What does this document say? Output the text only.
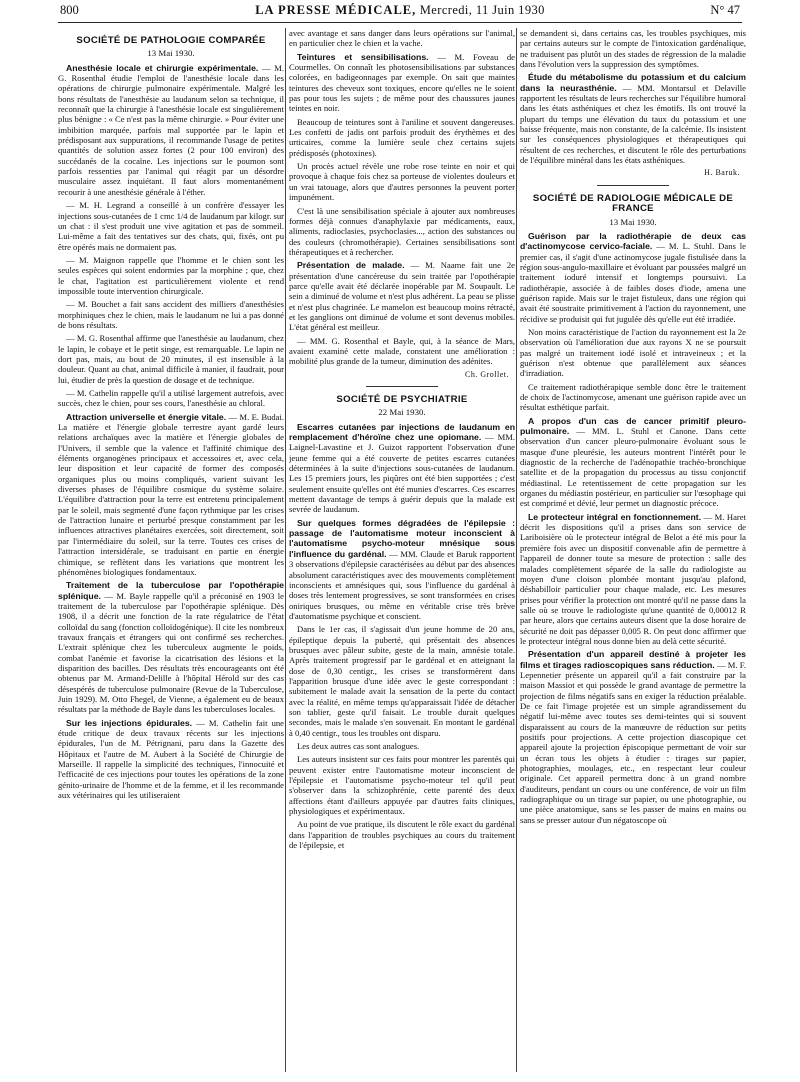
800	LA PRESSE MÉDICALE, Mercredi, 11 Juin 1930	N° 47
SOCIÉTÉ DE PATHOLOGIE COMPARÉE
13 Mai 1930.

Anesthésie locale et chirurgie expérimentale. — M. G. Rosenthal étudie l'emploi de l'anesthésie locale dans les opérations de chirurgie pulmonaire expérimentale. Malgré les bons résultats de l'anesthésie au laudanum selon sa technique, il reconnaît que la chirurgie à l'anesthésie locale est singulièrement plus bénigne : « Ce n'est pas la même chirurgie. » Pour éviter une imbibition marquée, parfois mal supportée par le lapin et prédisposant aux suppurations, il recommande l'usage de petites quantités de solution assez fortes (2 pour 100 environ) des succédanés de la cocaïne. Les injections sur le poumon sont parfois ressenties par l'animal qui réagit par un désordre musculaire assez inquiétant. Il faut alors momentanément recourir à une anesthésie générale à l'éther.

— M. H. Legrand a conseillé à un confrère d'essayer les injections sous-cutanées de 1 cmc 1/4 de laudanum par kilogr. sur un chat : il s'est produit une vive agitation et pas de sommeil. Lui-même a fait des tentatives sur des chats, qui, fixés, ont pu être opérés mais ne dormaient pas.

— M. Maignon rappelle que l'homme et le chien sont les seules espèces qui soient endormies par la morphine ; que, chez le chat, l'agitation est particulièrement violente et rend impossible toute intervention chirurgicale.

— M. Bouchet a fait sans accident des milliers d'anesthésies morphiniques chez le chien, mais le laudanum ne lui a pas donné de bons résultats.

— M. G. Rosenthal affirme que l'anesthésie au laudanum, chez le lapin, le cobaye et le petit singe, est remarquable. Le lapin ne dort pas, mais, au bout de 20 minutes, il est insensible à la douleur. Quant au chat, animal difficile à manier, il faudrait, pour lui, étudier de près la question de dosage et de technique.

— M. Cathelin rappelle qu'il a utilisé largement autrefois, avec succès, chez le chien, pour ses cours, l'anesthésie au chloral.

Attraction universelle et énergie vitale. — M. E. Budai. La matière et l'énergie globale terrestre ayant gardé leurs relations archaïques avec la matière et l'énergie globales de l'Univers, il semble que la valence et l'affinité chimique des éléments organogènes principaux et accessoires et, avec cela, leur disposition et leur capacité de former des composés organiques plus ou moins compliqués, varient suivant les diverses phases de l'équilibre cosmique du système solaire. L'équilibre d'attraction pour la terre est entretenu principalement par le soleil, mais segmenté d'une façon rythmique par les crises de l'attraction lunaire et perturbé presque constamment par les influences attractives planétaires exercées, soit directement, soit par l'intermédiaire du soleil, sur la terre. Toutes ces crises de l'attraction intersidérale, se traduisant en partie en énergie chimique, se reflètent dans les variations que montrent les phénomènes biologiques fondamentaux.

Traitement de la tuberculose par l'opothérapie splénique. — M. Bayle rappelle qu'il a préconisé en 1903 le traitement de la tuberculose par l'opothérapie splénique. Dès 1908, il a décrit une fonction de la rate régulatrice de l'état colloïdal du sang (fonction colloïdogénique). Il cite les nombreux travaux français et étrangers qui ont confirmé ses recherches. L'extrait splénique chez les tuberculeux augmente le poids, combat l'anémie et favorise la cicatrisation des lésions et la disparition des bacilles. Des résultats très encourageants ont été obtenus par M. Armand-Delille à l'hôpital Hérold sur des cas désespérés de tuberculose pulmonaire (Revue de la Tuberculose, Juin 1929). M. Otto Fhegel, de Vienne, a également eu de beaux résultats par la méthode de Bayle dans les tuberculoses locales.

Sur les injections épidurales. — M. Cathelin fait une étude critique de deux travaux récents sur les injections épidurales, l'un de M. Pétrignani, paru dans la Gazette des Hôpitaux et l'autre de M. Aubert à la Société de Chirurgie de Marseille. Il rappelle la simplicité des techniques, l'innocuité et l'efficacité de ces injections pour toutes les opérations de la zone génito-urinaire de l'homme et de la femme, et il les recommande aux vétérinaires qui les utiliseraient

avec avantage et sans danger dans leurs opérations sur l'animal, en particulier chez le chien et la vache.

Teintures et sensibilisations. — M. Foveau de Courmelles. On connaît les photosensibilisations par substances colorées, en badigeonnages par exemple. On sait que maintes teintures des cheveux sont toxiques, encore qu'elles ne le soient pas pour tous les sujets ; de même pour des chaussures jaunes teintes en noir.

Beaucoup de teintures sont à l'aniline et souvent dangereuses. Les confetti de jadis ont parfois produit des érythèmes et des urticaires, comme la lumière seule chez certains sujets prédisposés (photoxines).

Un procès actuel révèle une robe rose teinte en noir et qui provoque à chaque fois chez sa porteuse de violentes douleurs et un vrai tatouage, alors que d'autres personnes la peuvent porter impunément.

C'est là une sensibilisation spéciale à ajouter aux nombreuses formes déjà connues d'anaphylaxie par médicaments, eaux, aliments, radioclasies, psychoclasies..., action des substances ou des couleurs (chromothérapie). Certaines sensibilisations sont thérapeutiques et à rechercher.

Présentation de malade. — M. Naame fait une 2e présentation d'une cancéreuse du sein traitée par l'opothérapie parce qu'elle avait été déclarée inopérable par M. Soupault. Le sein a diminué de volume et n'est plus adhérent. La peau se plisse et n'est plus chagrinée. Le mamelon est beaucoup moins rétracté, et les ganglions ont diminué de volume et sont devenus mobiles. L'état général est meilleur.

— MM. G. Rosenthal et Bayle, qui, à la séance de Mars, avaient examiné cette malade, constatent une amélioration : mobilité plus grande de la tumeur, diminution des adénites.

Ch. Grollet.
SOCIÉTÉ DE PSYCHIATRIE
22 Mai 1930.

Escarres cutanées par injections de laudanum en remplacement d'héroïne chez une opiomane. — MM. Laignel-Lavastine et J. Guizot rapportent l'observation d'une jeune femme qui a été couverte de petites escarres cutanées déterminées à la suite d'injections sous-cutanées de laudanum. Les 15 premiers jours, les piqûres ont été bien supportées ; c'est seulement ensuite qu'elles ont été munies d'escarres. Ces escarres mettent davantage de temps à guérir depuis que la malade est sevrée de laudanum.

Sur quelques formes dégradées de l'épilepsie : passage de l'automatisme moteur inconscient à l'automatisme psycho-moteur mnésique sous l'influence du gardénal. — MM. Claude et Baruk rapportent 3 observations d'épilepsie caractérisées au début par des absences absolument caractéristiques avec des mouvements complètement inconscients et amnésiques qui, sous l'influence du gardénal à doses très lentement progressives, se sont transformées en crises oniriques brusques, ou même en véritable crise très brève d'automatisme psychique et conscient.

Dans le 1er cas, il s'agissait d'un jeune homme de 20 ans, épileptique depuis la puberté, qui présentait des absences brusques avec pâleur subite, geste de la main, amnésie totale. Après traitement progressif par le gardénal et en atteignant la dose de 0,30 centigr., les crises se transformèrent dans l'apparition brusque d'une idée avec le geste correspondant : subitement le malade avait la sensation de la perte du contact avec la réalité, en même temps qu'apparaissait l'idée de détacher son tablier, geste qu'il faisait. Le trouble durait quelques secondes, mais le malade s'en souvenait. En montant le gardénal à 0,40 centigr., tous les troubles ont disparu.

Les deux autres cas sont analogues.

Les auteurs insistent sur ces faits pour montrer les parentés qui peuvent exister entre l'automatisme moteur inconscient de l'épilepsie et l'automatisme psycho-moteur tel qu'il peut s'observer dans la schizophrénie, cette parenté des deux affections étant d'ailleurs appuyée par d'autres faits cliniques, physiologiques et expérimentaux.

Au point de vue pratique, ils discutent le rôle exact du gardénal dans l'apparition de troubles psychiques au cours du traitement de l'épilepsie, et

se demandent si, dans certains cas, les troubles psychiques, mis par certains auteurs sur le compte de l'intoxication gardénalique, ne traduisent pas plutôt un des stades de régression de la maladie dans l'évolution vers la suppression des symptômes.

Étude du métabolisme du potassium et du calcium dans la neurasthénie. — MM. Montarsul et Delaville rapportent les résultats de leurs recherches sur l'équilibre humoral dans les états asthéniques et chez les émotifs. Ils ont trouvé la plupart du temps une élévation du taux du potassium et une baisse fréquente, mais non constante, de la calcémie. Ils insistent sur les conséquences physiologiques et thérapeutiques qui résultent de ces recherches, et discutent le rôle des perturbations de l'équilibre minéral dans les états asthéniques.

H. Baruk.
SOCIÉTÉ DE RADIOLOGIE MÉDICALE DE FRANCE
13 Mai 1930.

Guérison par la radiothérapie de deux cas d'actinomycose cervico-faciale. — M. L. Stuhl. Dans le premier cas, il s'agit d'une actinomycose jugale fistulisée dans la région sous-angulo-maxillaire et évoluant par poussées malgré un traitement ioduré intensif et longtemps poursuivi. La radiothérapie, associée à de faibles doses d'iode, amena une guérison rapide. Mais sur le trajet fistuleux, dans une région qui avait été soustraite primitivement à l'action du rayonnement, une récidive se produisit qui fut jugulée dès qu'elle eut été irradiée.

Non moins caractéristique de l'action du rayonnement est la 2e observation où l'amélioration due aux rayons X ne se poursuit pas malgré un traitement iodé isolé et intraveineux ; et la guérison n'est obtenue que parallèlement aux séances d'irradiation.

Ce traitement radiothérapique semble donc être le traitement de choix de l'actinomycose, amenant une guérison rapide avec un résultat esthétique parfait.

A propos d'un cas de cancer primitif pleuro-pulmonaire. — MM. L. Stuhl et Canone. Dans cette observation d'un cancer pleuro-pulmonaire évoluant sous le masque d'une pleurésie, les auteurs montrent l'intérêt pour le diagnostic de la recherche de l'adénopathie trachéo-bronchique satellite et de la propagation du processus au tissu conjonctif médiastinal. Le retentissement de cette propagation sur les organes du médiastin postérieur, en particulier sur l'œsophage qui est comprimé et dévié, leur permet un diagnostic précoce.

Le protecteur intégral en fonctionnement. — M. Haret décrit les dispositions qu'il a prises dans son service de Lariboisière où le protecteur intégral de Belot a été mis pour la première fois avec un dispositif convenable afin de permettre à l'appareil de donner toute sa mesure de protection : salle des malades complètement séparée de la salle du radiologiste au moyen d'une cloison plombée montant jusqu'au plafond, déshabilloir particulier pour chaque malade, etc. Les mesures prises pour vérifier la protection ont montré qu'il ne passe dans la salle où se trouve le radiologiste qu'une quantité de 0,00012 R par heure, alors que certains auteurs disent que la dose horaire de sécurité ne doit pas dépasser 0,005 R. On peut donc affirmer que le protecteur intégral nous donne bien au delà cette sécurité.

Présentation d'un appareil destiné à projeter les films et tirages radioscopiques sans réduction. — M. F. Lepennetier présente un appareil qu'il a fait construire par la maison Massiot et qui possède le grand avantage de permettre la projection de films négatifs sans en exiger la réduction préalable. De ce fait l'image projetée est un simple agrandissement du négatif lui-même avec toutes ses demi-teintes qui si souvent disparaissent au cours de la manœuvre de réduction sur petits positifs pour projections. A cette projection diascopique cet appareil ajoute la projection épiscopique permettant de voir sur un écran tous les objets à étudier : tirages sur papier, photographies, moulages, etc., en respectant leur couleur originale. Cet appareil permettra donc à un grand nombre d'auditeurs, pendant un cours ou une conférence, de voir un film radiographique ou un tirage sur papier, ou une photographie, ou une pièce anatomique, sans se les passer de mains en mains ou sans se presser autour d'un négatoscope où
